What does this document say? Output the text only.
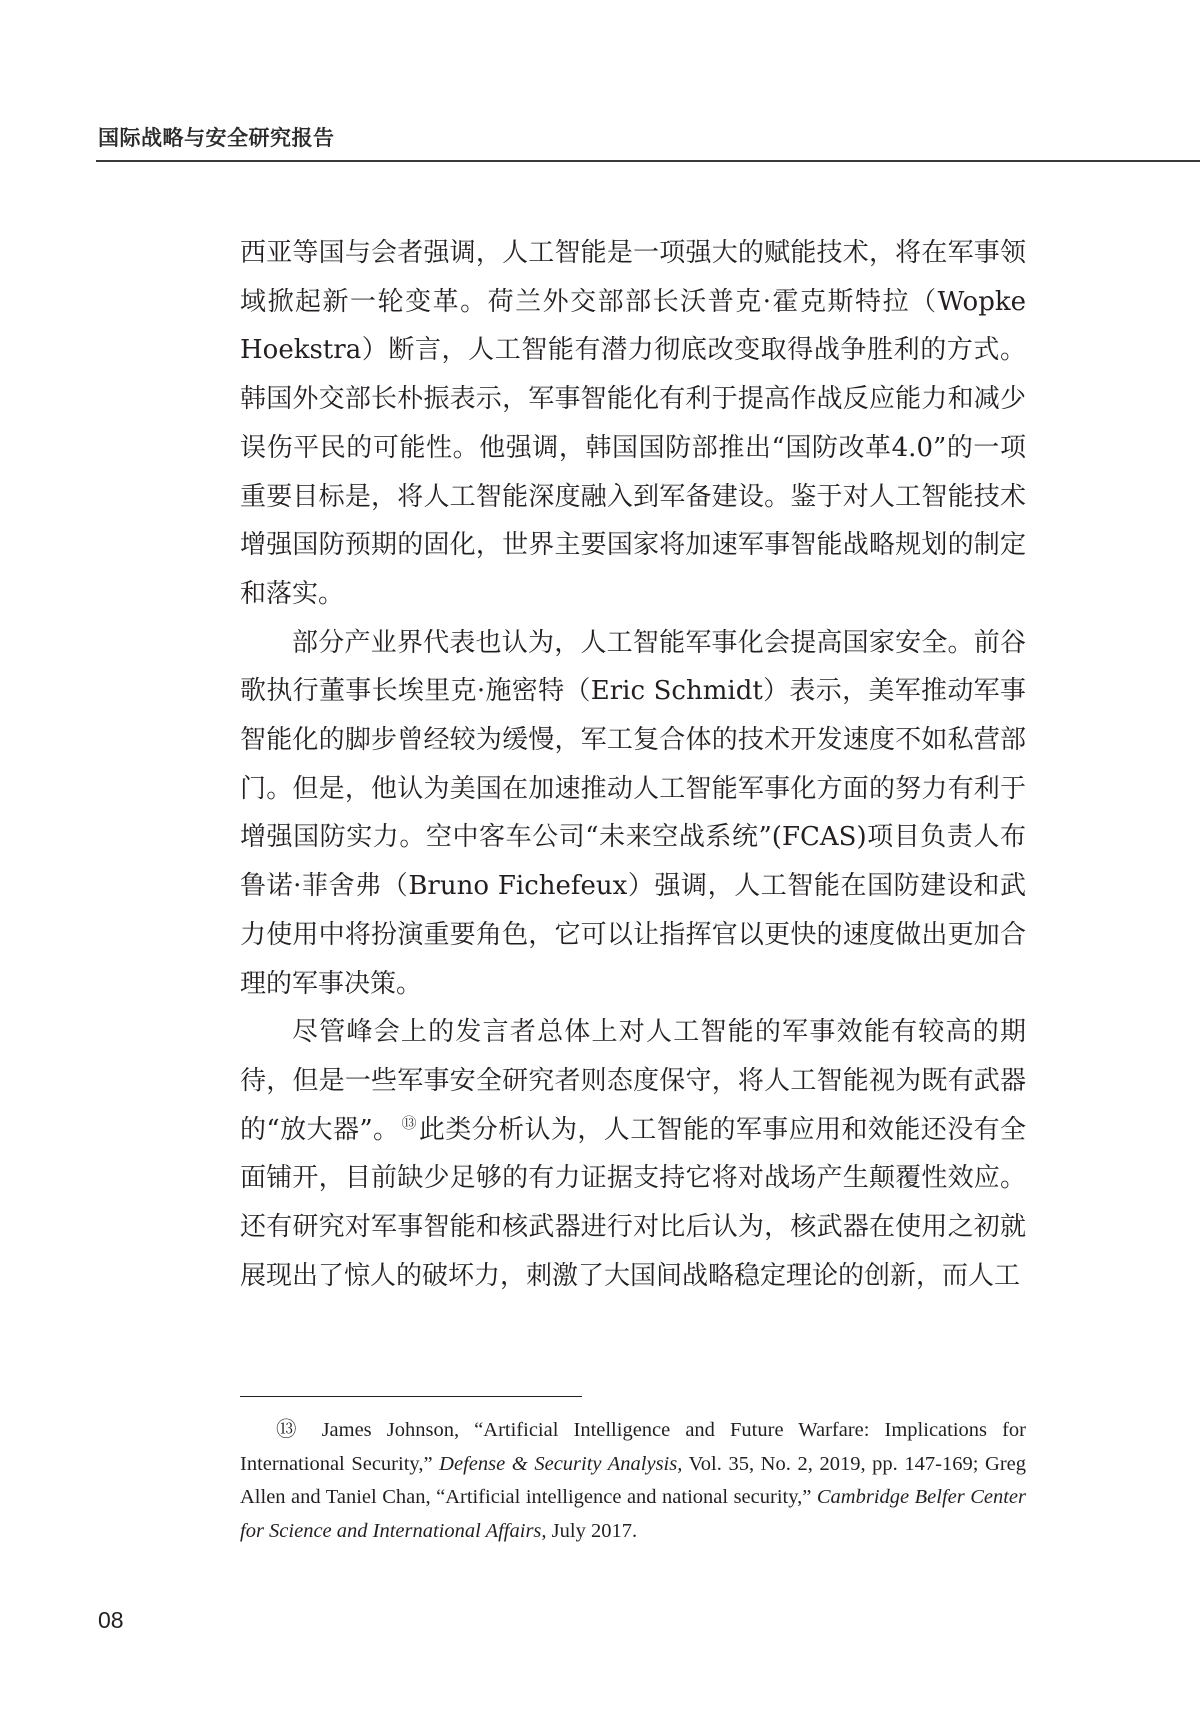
国际战略与安全研究报告

西亚等国与会者强调，人工智能是一项强大的赋能技术，将在军事领域掀起新一轮变革。荷兰外交部部长沃普克·霍克斯特拉（Wopke Hoekstra）断言，人工智能有潜力彻底改变取得战争胜利的方式。韩国外交部长朴振表示，军事智能化有利于提高作战反应能力和减少误伤平民的可能性。他强调，韩国国防部推出“国防改革4.0”的一项重要目标是，将人工智能深度融入到军备建设。鉴于对人工智能技术增强国防预期的固化，世界主要国家将加速军事智能战略规划的制定和落实。

部分产业界代表也认为，人工智能军事化会提高国家安全。前谷歌执行董事长埃里克·施密特（Eric Schmidt）表示，美军推动军事智能化的脚步曾经较为缓慢，军工复合体的技术开发速度不如私营部门。但是，他认为美国在加速推动人工智能军事化方面的努力有利于增强国防实力。空中客车公司“未来空战系统”(FCAS)项目负责人布鲁诺·菲舍弗（Bruno Fichefeux）强调，人工智能在国防建设和武力使用中将扮演重要角色，它可以让指挥官以更快的速度做出更加合理的军事决策。

尽管峰会上的发言者总体上对人工智能的军事效能有较高的期待，但是一些军事安全研究者则态度保守，将人工智能视为既有武器的“放大器”。 ⑬此类分析认为，人工智能的军事应用和效能还没有全面铺开，目前缺少足够的有力证据支持它将对战场产生颠覆性效应。还有研究对军事智能和核武器进行对比后认为，核武器在使用之初就展现出了惊人的破坏力，刺激了大国间战略稳定理论的创新，而人工

⑬ James Johnson, “Artificial Intelligence and Future Warfare: Implications for International Security,” Defense & Security Analysis, Vol. 35, No. 2, 2019, pp. 147-169; Greg Allen and Taniel Chan, “Artificial intelligence and national security,” Cambridge Belfer Center for Science and International Affairs, July 2017.
08
